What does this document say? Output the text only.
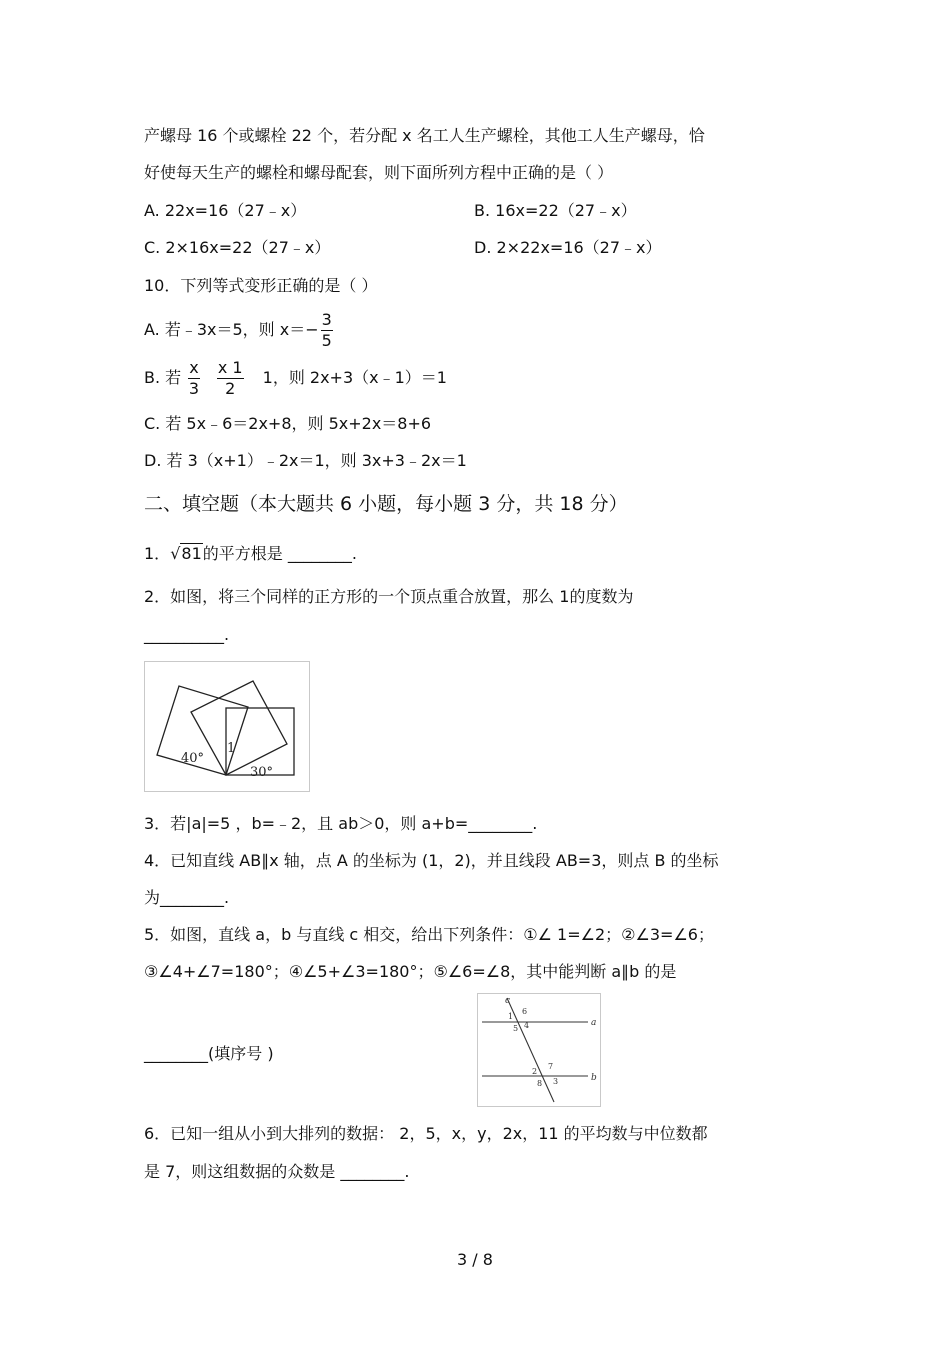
产螺母 16 个或螺栓 22 个，若分配 x 名工人生产螺栓，其他工人生产螺母，恰
好使每天生产的螺栓和螺母配套，则下面所列方程中正确的是（ ）
A. 22x=16（27﹣x）	B. 16x=22（27﹣x）
C. 2×16x=22（27﹣x）	D. 2×22x=16（27﹣x）
10．下列等式变形正确的是（ ）
A. 若﹣3x＝5，则 $x=- \frac{3}{5}$
B. 若 $\frac{x}{3}$
$\frac{x 1}{2} 1$，则 2x+3（x﹣1）＝1
C. 若 5x﹣6＝2x+8，则 5x+2x＝8+6
D. 若 3（x+1）﹣2x＝1，则 3x+3﹣2x＝1
二、填空题（本大题共 6 小题，每小题 3 分，共 18 分）
1．√81的平方根是 ________.
2．如图，将三个同样的正方形的一个顶点重合放置，那么 1的度数为
__________.
40°
1
30°
3．若|a|=5 ，b=﹣2，且 ab＞0，则 a+b=________.
4．已知直线 AB∥x 轴，点 A 的坐标为 (1，2)，并且线段 AB=3，则点 B 的坐标
为________.
5．如图，直线 a，b 与直线 c 相交，给出下列条件：①∠ 1=∠2；②∠3=∠6；
③∠4+∠7=180°；④∠5+∠3=180°；⑤∠6=∠8，其中能判断 a∥b 的是
________(填序号 )
c
a
b
1
6
5 4
7
2
8 3
6．已知一组从小到大排列的数据： 2，5，x，y，2x，11 的平均数与中位数都
是 7，则这组数据的众数是 ________.
3 / 8
